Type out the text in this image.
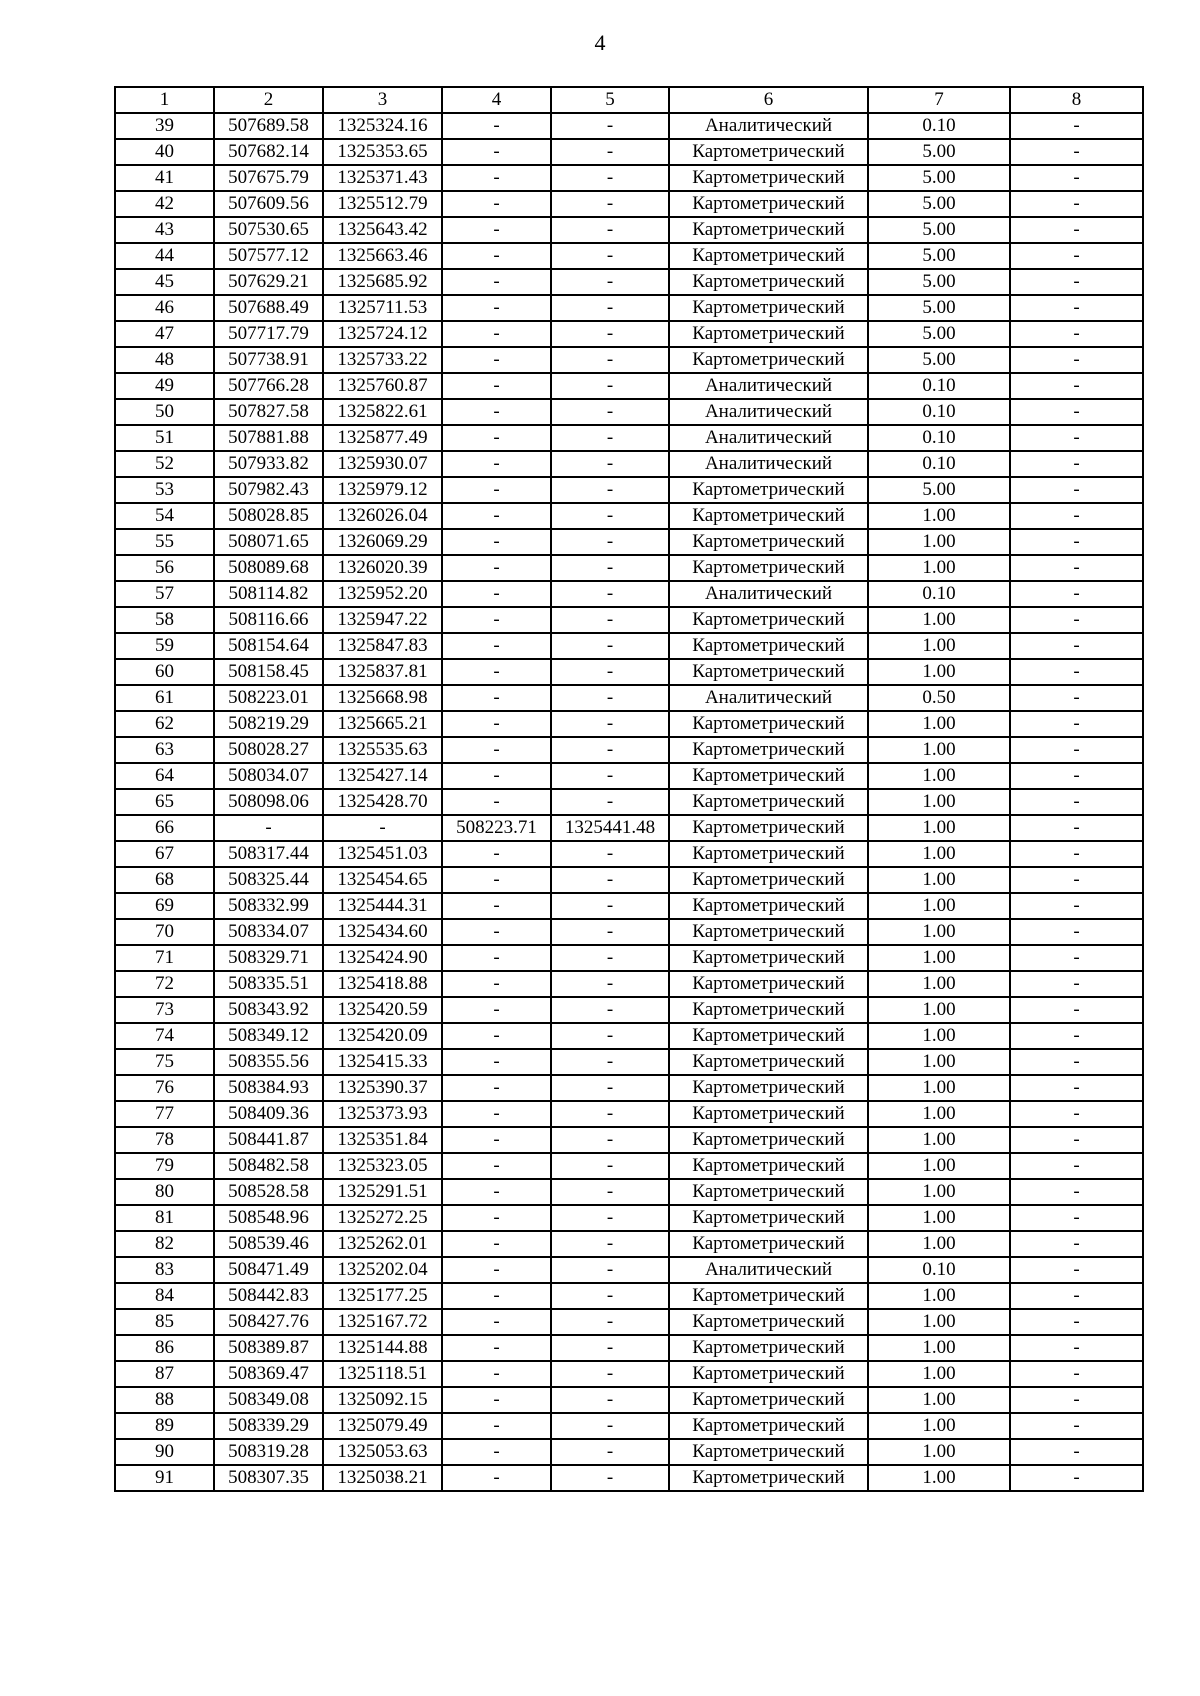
4
1	2	3	4	5	6	7	8
39	507689.58	1325324.16	-	-	Аналитический	0.10	-
40	507682.14	1325353.65	-	-	Картометрический	5.00	-
41	507675.79	1325371.43	-	-	Картометрический	5.00	-
42	507609.56	1325512.79	-	-	Картометрический	5.00	-
43	507530.65	1325643.42	-	-	Картометрический	5.00	-
44	507577.12	1325663.46	-	-	Картометрический	5.00	-
45	507629.21	1325685.92	-	-	Картометрический	5.00	-
46	507688.49	1325711.53	-	-	Картометрический	5.00	-
47	507717.79	1325724.12	-	-	Картометрический	5.00	-
48	507738.91	1325733.22	-	-	Картометрический	5.00	-
49	507766.28	1325760.87	-	-	Аналитический	0.10	-
50	507827.58	1325822.61	-	-	Аналитический	0.10	-
51	507881.88	1325877.49	-	-	Аналитический	0.10	-
52	507933.82	1325930.07	-	-	Аналитический	0.10	-
53	507982.43	1325979.12	-	-	Картометрический	5.00	-
54	508028.85	1326026.04	-	-	Картометрический	1.00	-
55	508071.65	1326069.29	-	-	Картометрический	1.00	-
56	508089.68	1326020.39	-	-	Картометрический	1.00	-
57	508114.82	1325952.20	-	-	Аналитический	0.10	-
58	508116.66	1325947.22	-	-	Картометрический	1.00	-
59	508154.64	1325847.83	-	-	Картометрический	1.00	-
60	508158.45	1325837.81	-	-	Картометрический	1.00	-
61	508223.01	1325668.98	-	-	Аналитический	0.50	-
62	508219.29	1325665.21	-	-	Картометрический	1.00	-
63	508028.27	1325535.63	-	-	Картометрический	1.00	-
64	508034.07	1325427.14	-	-	Картометрический	1.00	-
65	508098.06	1325428.70	-	-	Картометрический	1.00	-
66	-	-	508223.71	1325441.48	Картометрический	1.00	-
67	508317.44	1325451.03	-	-	Картометрический	1.00	-
68	508325.44	1325454.65	-	-	Картометрический	1.00	-
69	508332.99	1325444.31	-	-	Картометрический	1.00	-
70	508334.07	1325434.60	-	-	Картометрический	1.00	-
71	508329.71	1325424.90	-	-	Картометрический	1.00	-
72	508335.51	1325418.88	-	-	Картометрический	1.00	-
73	508343.92	1325420.59	-	-	Картометрический	1.00	-
74	508349.12	1325420.09	-	-	Картометрический	1.00	-
75	508355.56	1325415.33	-	-	Картометрический	1.00	-
76	508384.93	1325390.37	-	-	Картометрический	1.00	-
77	508409.36	1325373.93	-	-	Картометрический	1.00	-
78	508441.87	1325351.84	-	-	Картометрический	1.00	-
79	508482.58	1325323.05	-	-	Картометрический	1.00	-
80	508528.58	1325291.51	-	-	Картометрический	1.00	-
81	508548.96	1325272.25	-	-	Картометрический	1.00	-
82	508539.46	1325262.01	-	-	Картометрический	1.00	-
83	508471.49	1325202.04	-	-	Аналитический	0.10	-
84	508442.83	1325177.25	-	-	Картометрический	1.00	-
85	508427.76	1325167.72	-	-	Картометрический	1.00	-
86	508389.87	1325144.88	-	-	Картометрический	1.00	-
87	508369.47	1325118.51	-	-	Картометрический	1.00	-
88	508349.08	1325092.15	-	-	Картометрический	1.00	-
89	508339.29	1325079.49	-	-	Картометрический	1.00	-
90	508319.28	1325053.63	-	-	Картометрический	1.00	-
91	508307.35	1325038.21	-	-	Картометрический	1.00	-
